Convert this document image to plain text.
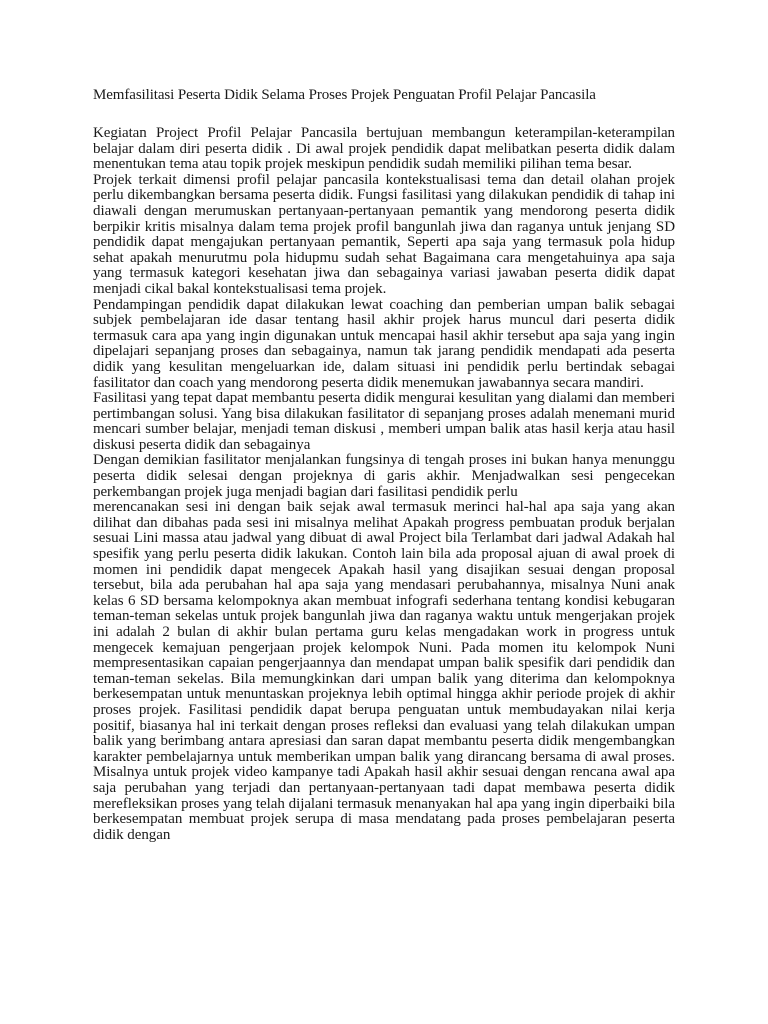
Memfasilitasi Peserta Didik Selama Proses Projek Penguatan Profil Pelajar Pancasila

Kegiatan Project Profil Pelajar Pancasila bertujuan membangun keterampilan-keterampilan belajar dalam diri peserta didik . Di awal projek pendidik dapat melibatkan peserta didik dalam menentukan tema atau topik projek meskipun pendidik sudah memiliki pilihan tema besar.

Projek terkait dimensi profil pelajar pancasila kontekstualisasi tema dan detail olahan projek perlu dikembangkan bersama peserta didik. Fungsi fasilitasi yang dilakukan pendidik di tahap ini diawali dengan merumuskan pertanyaan-pertanyaan pemantik yang mendorong peserta didik berpikir kritis misalnya dalam tema projek profil bangunlah jiwa dan raganya untuk jenjang SD pendidik dapat mengajukan pertanyaan pemantik, Seperti apa saja yang termasuk pola hidup sehat apakah menurutmu pola hidupmu sudah sehat Bagaimana cara mengetahuinya apa saja yang termasuk kategori kesehatan jiwa dan sebagainya variasi jawaban peserta didik dapat menjadi cikal bakal kontekstualisasi tema projek.

Pendampingan pendidik dapat dilakukan lewat coaching dan pemberian umpan balik sebagai subjek pembelajaran ide dasar tentang hasil akhir projek harus muncul dari peserta didik termasuk cara apa yang ingin digunakan untuk mencapai hasil akhir tersebut apa saja yang ingin dipelajari sepanjang proses dan sebagainya, namun tak jarang pendidik mendapati ada peserta didik yang kesulitan mengeluarkan ide, dalam situasi ini pendidik perlu bertindak sebagai fasilitator dan coach yang mendorong peserta didik menemukan jawabannya secara mandiri.

Fasilitasi yang tepat dapat membantu peserta didik mengurai kesulitan yang dialami dan memberi pertimbangan solusi. Yang bisa dilakukan fasilitator di sepanjang proses adalah menemani murid mencari sumber belajar, menjadi teman diskusi , memberi umpan balik atas hasil kerja atau hasil diskusi peserta didik dan sebagainya

Dengan demikian fasilitator menjalankan fungsinya di tengah proses ini bukan hanya menunggu peserta didik selesai dengan projeknya di garis akhir. Menjadwalkan sesi pengecekan perkembangan projek juga menjadi bagian dari fasilitasi pendidik perlu

merencanakan sesi ini dengan baik sejak awal termasuk merinci hal-hal apa saja yang akan dilihat dan dibahas pada sesi ini misalnya melihat Apakah progress pembuatan produk berjalan sesuai Lini massa atau jadwal yang dibuat di awal Project bila Terlambat dari jadwal Adakah hal spesifik yang perlu peserta didik lakukan. Contoh lain bila ada proposal ajuan di awal proek di momen ini pendidik dapat mengecek Apakah hasil yang disajikan sesuai dengan proposal tersebut, bila ada perubahan hal apa saja yang mendasari perubahannya, misalnya Nuni anak kelas 6 SD bersama kelompoknya akan membuat infografi sederhana tentang kondisi kebugaran teman-teman sekelas untuk projek bangunlah jiwa dan raganya waktu untuk mengerjakan projek ini adalah 2 bulan di akhir bulan pertama guru kelas mengadakan work in progress untuk mengecek kemajuan pengerjaan projek kelompok Nuni. Pada momen itu kelompok Nuni mempresentasikan capaian pengerjaannya dan mendapat umpan balik spesifik dari pendidik dan teman-teman sekelas. Bila memungkinkan dari umpan balik yang diterima dan kelompoknya berkesempatan untuk menuntaskan projeknya lebih optimal hingga akhir periode projek di akhir proses projek. Fasilitasi pendidik dapat berupa penguatan untuk membudayakan nilai kerja positif, biasanya hal ini terkait dengan proses refleksi dan evaluasi yang telah dilakukan umpan balik yang berimbang antara apresiasi dan saran dapat membantu peserta didik mengembangkan karakter pembelajarnya untuk memberikan umpan balik yang dirancang bersama di awal proses. Misalnya untuk projek video kampanye tadi Apakah hasil akhir sesuai dengan rencana awal apa saja perubahan yang terjadi dan pertanyaan-pertanyaan tadi dapat membawa peserta didik merefleksikan proses yang telah dijalani termasuk menanyakan hal apa yang ingin diperbaiki bila berkesempatan membuat projek serupa di masa mendatang pada proses pembelajaran peserta didik dengan
